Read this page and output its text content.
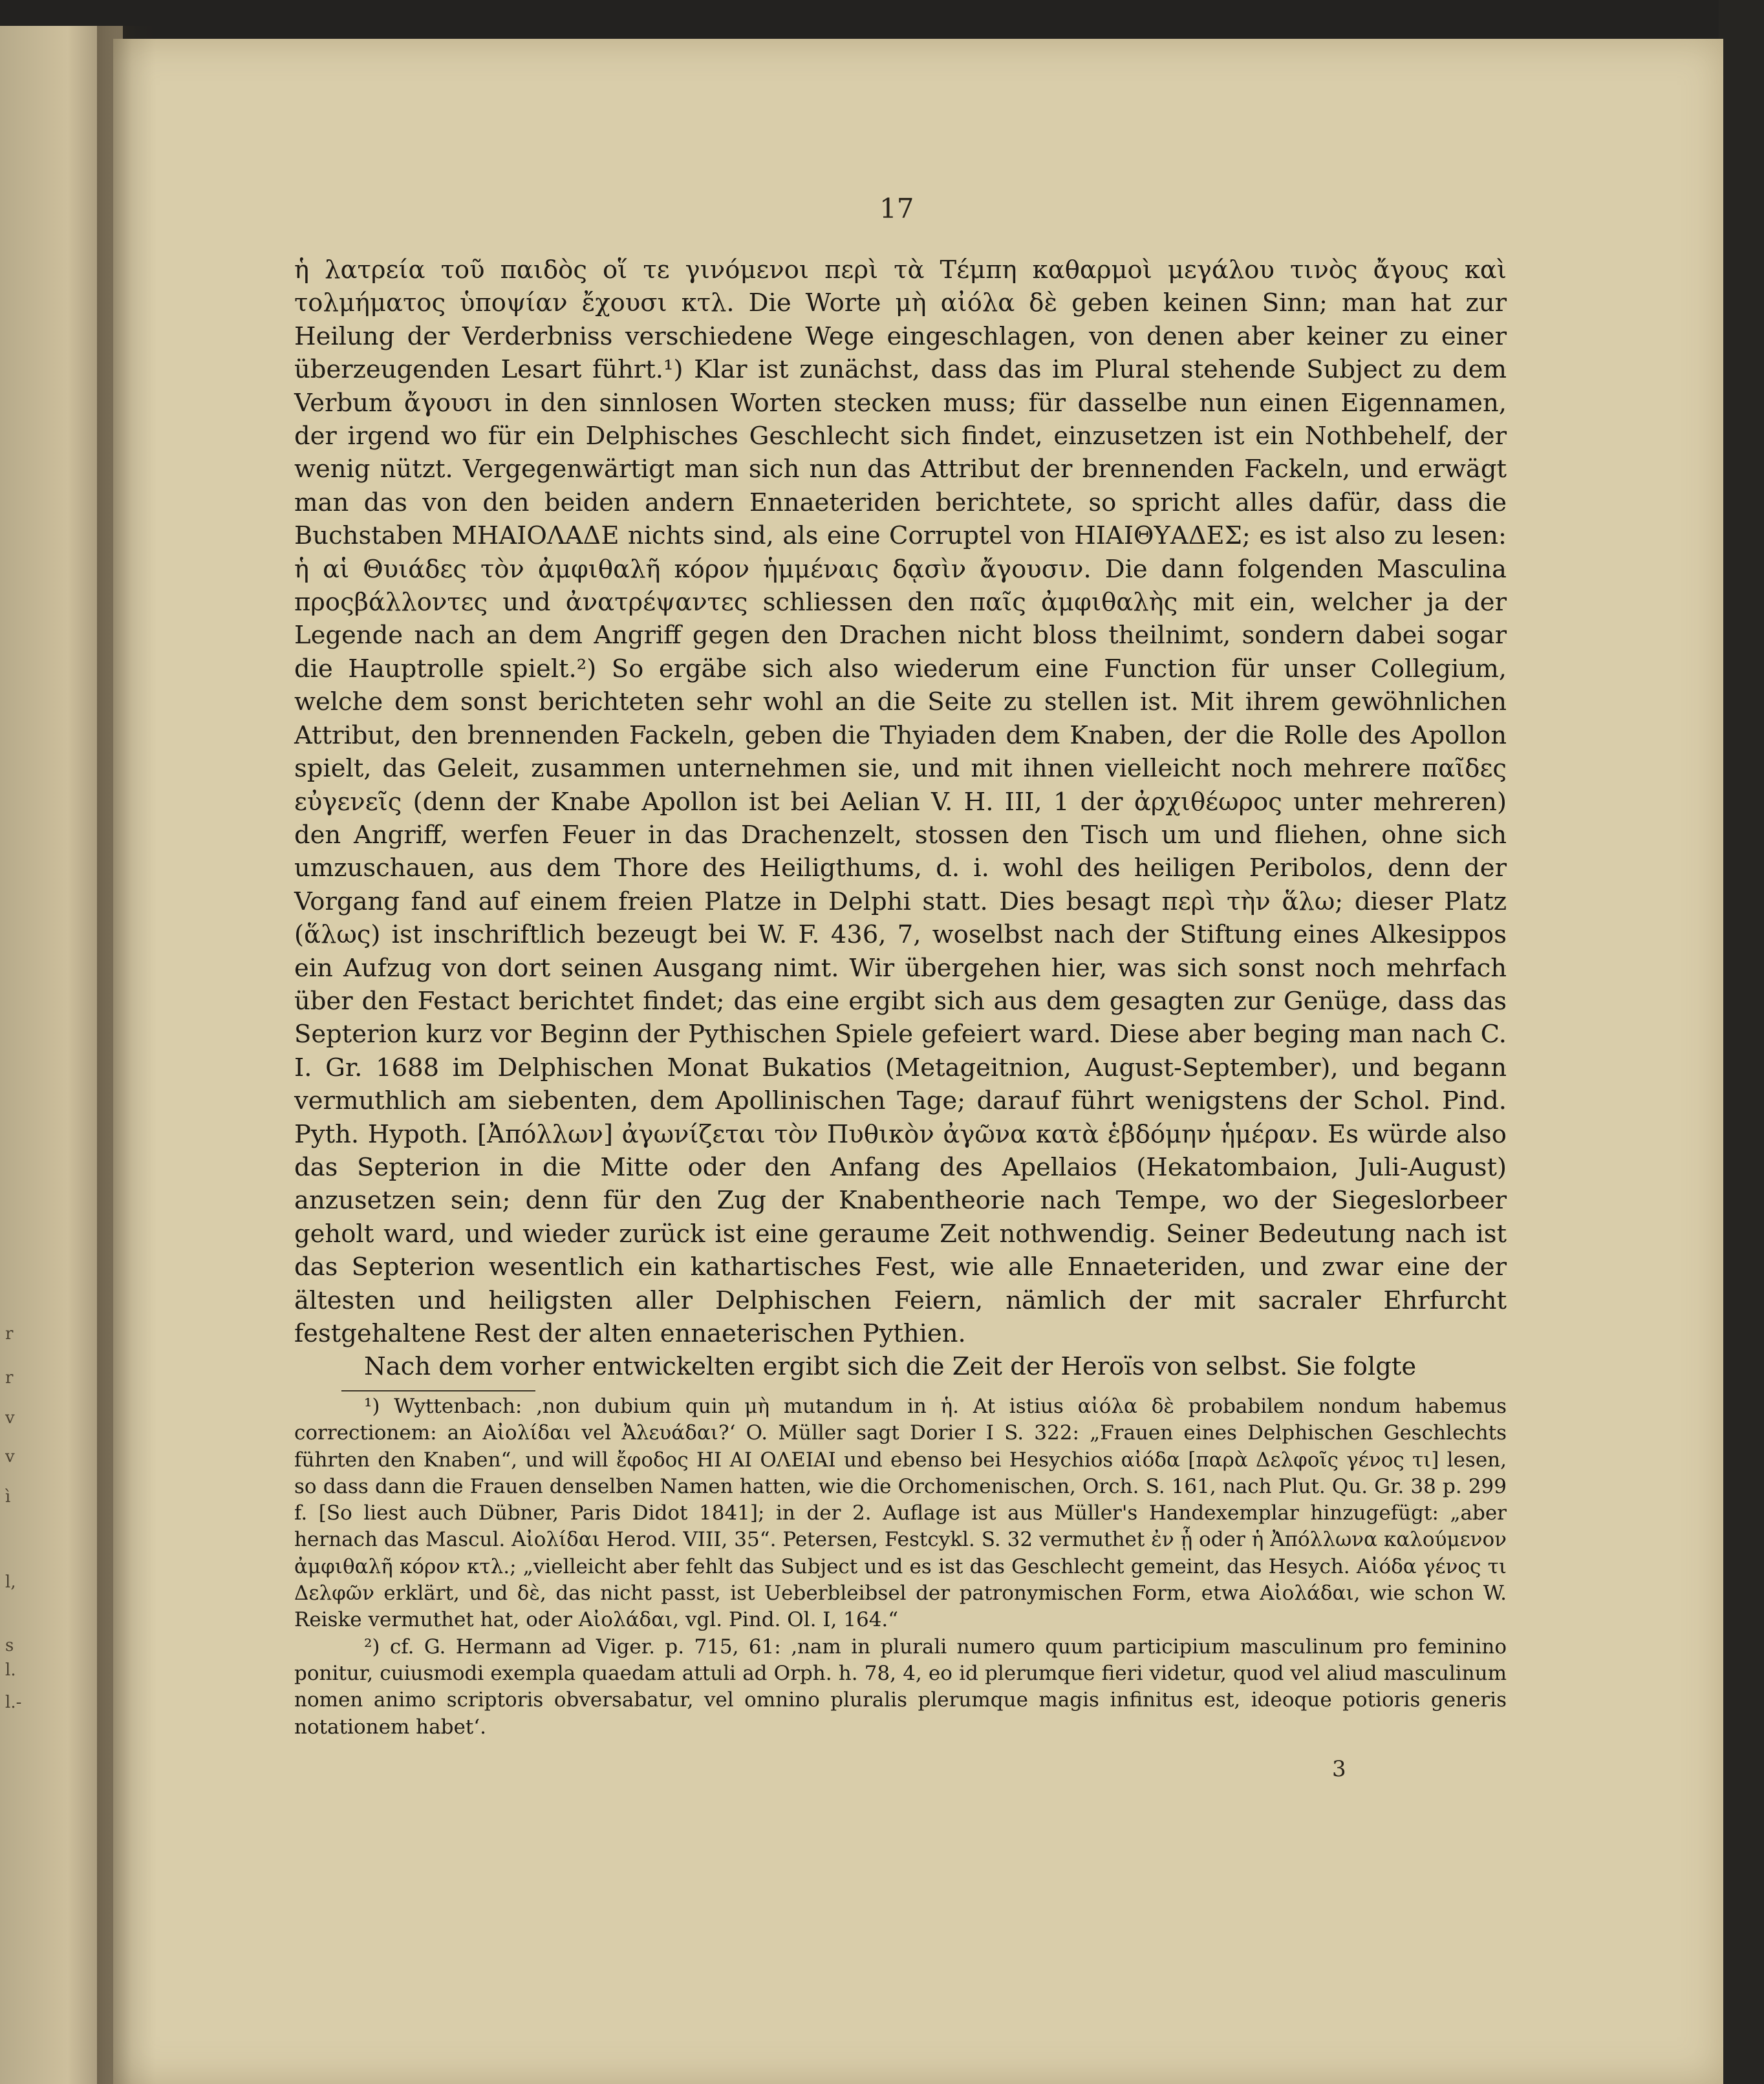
r
r
v
v
ì
l,
s
l.
l.-
17

ἡ λατρεία τοῦ παιδὸς οἵ τε γινόμενοι περὶ τὰ Τέμπη καθαρμοὶ μεγάλου τινὸς ἄγους καὶ τολμήματος ὑποψίαν ἔχουσι κτλ. Die Worte μὴ αἰόλα δὲ geben keinen Sinn; man hat zur Heilung der Verderbniss verschiedene Wege eingeschlagen, von denen aber keiner zu einer überzeugenden Lesart führt.¹) Klar ist zunächst, dass das im Plural stehende Subject zu dem Verbum ἄγουσι in den sinnlosen Worten stecken muss; für dasselbe nun einen Eigennamen, der irgend wo für ein Delphisches Geschlecht sich findet, einzusetzen ist ein Nothbehelf, der wenig nützt. Vergegenwärtigt man sich nun das Attribut der brennenden Fackeln, und erwägt man das von den beiden andern Ennaeteriden berichtete, so spricht alles dafür, dass die Buchstaben ΜΗΑΙΟΛΑΔΕ nichts sind, als eine Corruptel von ΗΙΑΙΘΥΑΔΕΣ; es ist also zu lesen: ἡ αἱ Θυιάδες τὸν ἀμφιθαλῆ κόρον ἡμμέναις δᾳσὶν ἄγουσιν. Die dann folgenden Masculina προςβάλλοντες und ἀνατρέψαντες schliessen den παῖς ἀμφιθαλὴς mit ein, welcher ja der Legende nach an dem Angriff gegen den Drachen nicht bloss theilnimt, sondern dabei sogar die Hauptrolle spielt.²) So ergäbe sich also wiederum eine Function für unser Collegium, welche dem sonst berichteten sehr wohl an die Seite zu stellen ist. Mit ihrem gewöhnlichen Attribut, den brennenden Fackeln, geben die Thyiaden dem Knaben, der die Rolle des Apollon spielt, das Geleit, zusammen unternehmen sie, und mit ihnen vielleicht noch mehrere παῖδες εὐγενεῖς (denn der Knabe Apollon ist bei Aelian V. H. III, 1 der ἀρχιθέωρος unter mehreren) den Angriff, werfen Feuer in das Drachenzelt, stossen den Tisch um und fliehen, ohne sich umzuschauen, aus dem Thore des Heiligthums, d. i. wohl des heiligen Peribolos, denn der Vorgang fand auf einem freien Platze in Delphi statt. Dies besagt περὶ τὴν ἅλω; dieser Platz (ἅλως) ist inschriftlich bezeugt bei W. F. 436, 7, woselbst nach der Stiftung eines Alkesippos ein Aufzug von dort seinen Ausgang nimt. Wir übergehen hier, was sich sonst noch mehrfach über den Festact berichtet findet; das eine ergibt sich aus dem gesagten zur Genüge, dass das Septerion kurz vor Beginn der Pythischen Spiele gefeiert ward. Diese aber beging man nach C. I. Gr. 1688 im Delphischen Monat Bukatios (Metageitnion, August-September), und begann vermuthlich am siebenten, dem Apollinischen Tage; darauf führt wenigstens der Schol. Pind. Pyth. Hypoth. [Ἀπόλλων] ἀγωνίζεται τὸν Πυθικὸν ἀγῶνα κατὰ ἑβδόμην ἡμέραν. Es würde also das Septerion in die Mitte oder den Anfang des Apellaios (Hekatombaion, Juli-August) anzusetzen sein; denn für den Zug der Knabentheorie nach Tempe, wo der Siegeslorbeer geholt ward, und wieder zurück ist eine geraume Zeit nothwendig. Seiner Bedeutung nach ist das Septerion wesentlich ein kathartisches Fest, wie alle Ennaeteriden, und zwar eine der ältesten und heiligsten aller Delphischen Feiern, nämlich der mit sacraler Ehrfurcht festgehaltene Rest der alten ennaeterischen Pythien.

Nach dem vorher entwickelten ergibt sich die Zeit der Heroïs von selbst. Sie folgte

¹) Wyttenbach: ‚non dubium quin μὴ mutandum in ἡ. At istius αἰόλα δὲ probabilem nondum habemus correctionem: an Αἰολίδαι vel Ἀλευάδαι?‘ O. Müller sagt Dorier I S. 322: „Frauen eines Delphischen Geschlechts führten den Knaben“, und will ἔφοδος ΗΙ ΑΙ ΟΛΕΙΑΙ und ebenso bei Hesychios αἰόδα [παρὰ Δελφοῖς γένος τι] lesen, so dass dann die Frauen denselben Namen hatten, wie die Orchomenischen, Orch. S. 161, nach Plut. Qu. Gr. 38 p. 299 f. [So liest auch Dübner, Paris Didot 1841]; in der 2. Auflage ist aus Müller's Handexemplar hinzugefügt: „aber hernach das Mascul. Αἰολίδαι Herod. VIII, 35“. Petersen, Festcykl. S. 32 vermuthet ἐν ᾗ oder ἡ Ἀπόλλωνα καλούμενον ἀμφιθαλῆ κόρον κτλ.; „vielleicht aber fehlt das Subject und es ist das Geschlecht gemeint, das Hesych. Αἰόδα γένος τι Δελφῶν erklärt, und δὲ, das nicht passt, ist Ueberbleibsel der patronymischen Form, etwa Αἰολάδαι, wie schon W. Reiske vermuthet hat, oder Αἰολάδαι, vgl. Pind. Ol. I, 164.“

²) cf. G. Hermann ad Viger. p. 715, 61: ‚nam in plurali numero quum participium masculinum pro feminino ponitur, cuiusmodi exempla quaedam attuli ad Orph. h. 78, 4, eo id plerumque fieri videtur, quod vel aliud masculinum nomen animo scriptoris obversabatur, vel omnino pluralis plerumque magis infinitus est, ideoque potioris generis notationem habet‘.

3
